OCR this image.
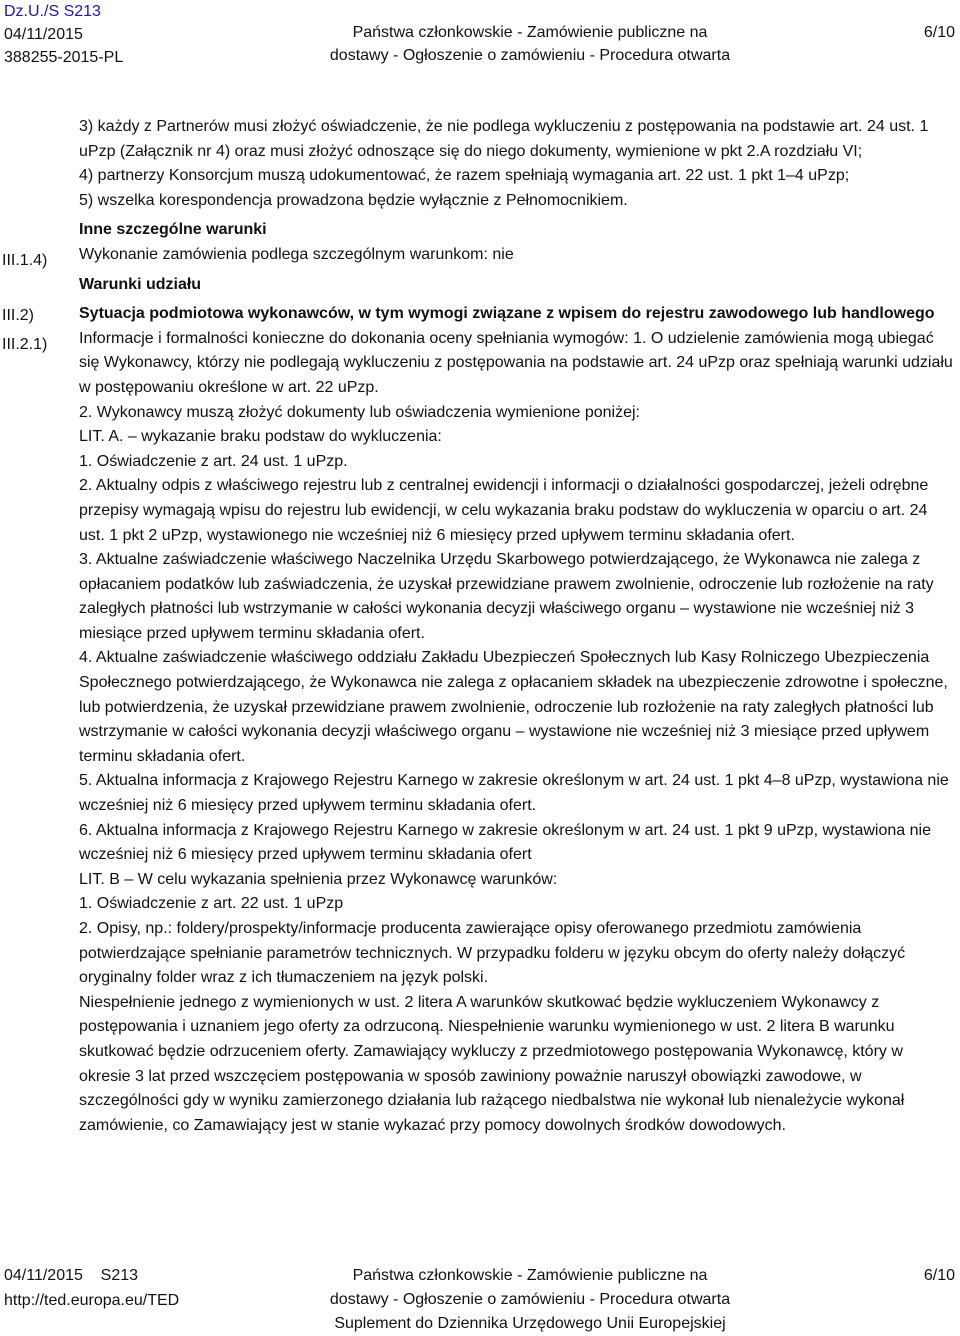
Dz.U./S S213
04/11/2015
388255-2015-PL
Państwa członkowskie - Zamówienie publiczne na
dostawy - Ogłoszenie o zamówieniu - Procedura otwarta
6/10
III.1.4)
III.2)
III.2.1)

3) każdy z Partnerów musi złożyć oświadczenie, że nie podlega wykluczeniu z postępowania na podstawie art. 24 ust. 1 uPzp (Załącznik nr 4) oraz musi złożyć odnoszące się do niego dokumenty, wymienione w pkt 2.A rozdziału VI;

4) partnerzy Konsorcjum muszą udokumentować, że razem spełniają wymagania art. 22 ust. 1 pkt 1–4 uPzp;

5) wszelka korespondencja prowadzona będzie wyłącznie z Pełnomocnikiem.

Inne szczególne warunki

Wykonanie zamówienia podlega szczególnym warunkom: nie

Warunki udziału

Sytuacja podmiotowa wykonawców, w tym wymogi związane z wpisem do rejestru zawodowego lub handlowego

Informacje i formalności konieczne do dokonania oceny spełniania wymogów: 1. O udzielenie zamówienia mogą ubiegać się Wykonawcy, którzy nie podlegają wykluczeniu z postępowania na podstawie art. 24 uPzp oraz spełniają warunki udziału w postępowaniu określone w art. 22 uPzp.

2. Wykonawcy muszą złożyć dokumenty lub oświadczenia wymienione poniżej:

LIT. A. – wykazanie braku podstaw do wykluczenia:

1. Oświadczenie z art. 24 ust. 1 uPzp.

2. Aktualny odpis z właściwego rejestru lub z centralnej ewidencji i informacji o działalności gospodarczej, jeżeli odrębne przepisy wymagają wpisu do rejestru lub ewidencji, w celu wykazania braku podstaw do wykluczenia w oparciu o art. 24 ust. 1 pkt 2 uPzp, wystawionego nie wcześniej niż 6 miesięcy przed upływem terminu składania ofert.

3. Aktualne zaświadczenie właściwego Naczelnika Urzędu Skarbowego potwierdzającego, że Wykonawca nie zalega z opłacaniem podatków lub zaświadczenia, że uzyskał przewidziane prawem zwolnienie, odroczenie lub rozłożenie na raty zaległych płatności lub wstrzymanie w całości wykonania decyzji właściwego organu – wystawione nie wcześniej niż 3 miesiące przed upływem terminu składania ofert.

4. Aktualne zaświadczenie właściwego oddziału Zakładu Ubezpieczeń Społecznych lub Kasy Rolniczego Ubezpieczenia Społecznego potwierdzającego, że Wykonawca nie zalega z opłacaniem składek na ubezpieczenie zdrowotne i społeczne, lub potwierdzenia, że uzyskał przewidziane prawem zwolnienie, odroczenie lub rozłożenie na raty zaległych płatności lub wstrzymanie w całości wykonania decyzji właściwego organu – wystawione nie wcześniej niż 3 miesiące przed upływem terminu składania ofert.

5. Aktualna informacja z Krajowego Rejestru Karnego w zakresie określonym w art. 24 ust. 1 pkt 4–8 uPzp, wystawiona nie wcześniej niż 6 miesięcy przed upływem terminu składania ofert.

6. Aktualna informacja z Krajowego Rejestru Karnego w zakresie określonym w art. 24 ust. 1 pkt 9 uPzp, wystawiona nie wcześniej niż 6 miesięcy przed upływem terminu składania ofert

LIT. B – W celu wykazania spełnienia przez Wykonawcę warunków:

1. Oświadczenie z art. 22 ust. 1 uPzp

2. Opisy, np.: foldery/prospekty/informacje producenta zawierające opisy oferowanego przedmiotu zamówienia potwierdzające spełnianie parametrów technicznych. W przypadku folderu w języku obcym do oferty należy dołączyć oryginalny folder wraz z ich tłumaczeniem na język polski.

Niespełnienie jednego z wymienionych w ust. 2 litera A warunków skutkować będzie wykluczeniem Wykonawcy z postępowania i uznaniem jego oferty za odrzuconą. Niespełnienie warunku wymienionego w ust. 2 litera B warunku skutkować będzie odrzuceniem oferty. Zamawiający wykluczy z przedmiotowego postępowania Wykonawcę, który w okresie 3 lat przed wszczęciem postępowania w sposób zawiniony poważnie naruszył obowiązki zawodowe, w szczególności gdy w wyniku zamierzonego działania lub rażącego niedbalstwa nie wykonał lub nienależycie wykonał zamówienie, co Zamawiający jest w stanie wykazać przy pomocy dowolnych środków dowodowych.

04/11/2015 S213
http://ted.europa.eu/TED
Państwa członkowskie - Zamówienie publiczne na
dostawy - Ogłoszenie o zamówieniu - Procedura otwarta
Suplement do Dziennika Urzędowego Unii Europejskiej
6/10
